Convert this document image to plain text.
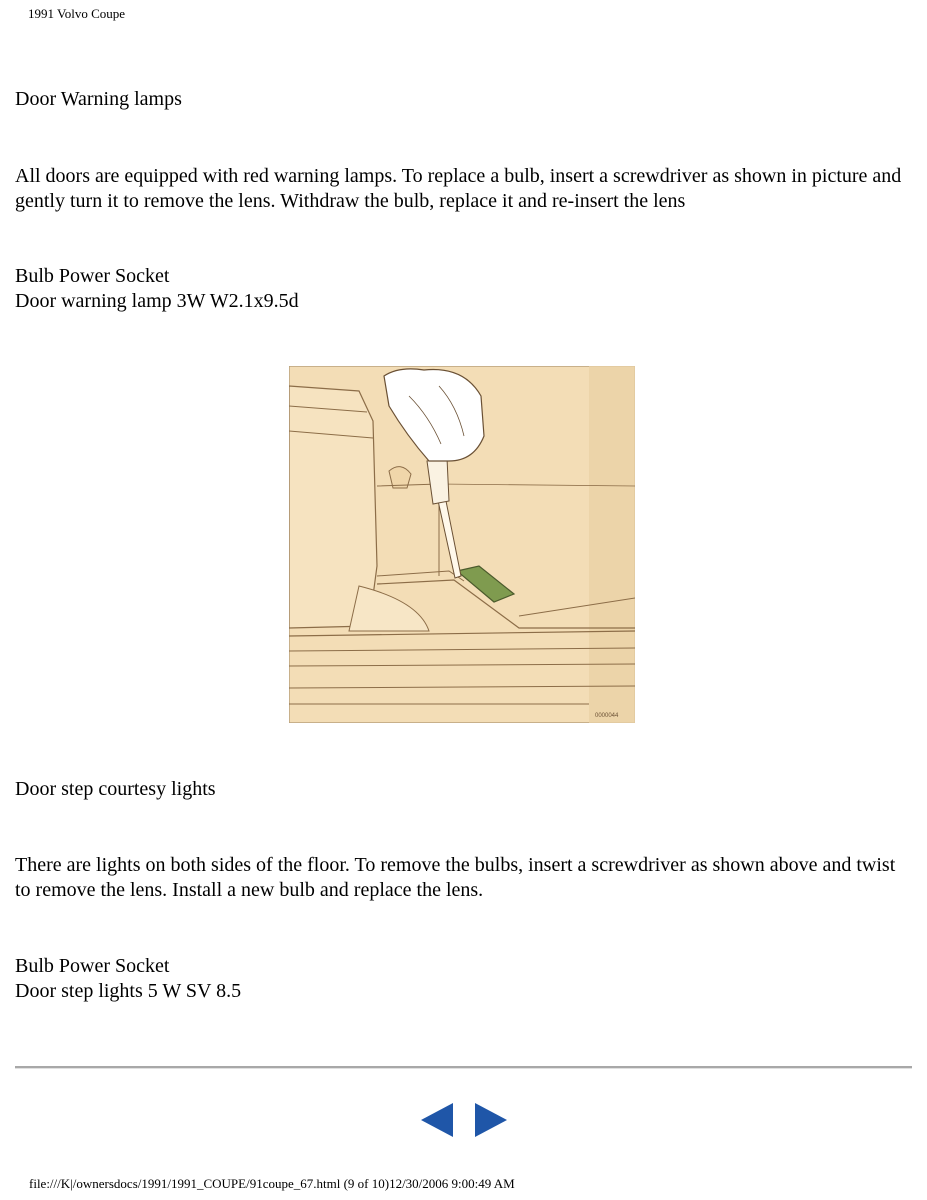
1991 Volvo Coupe
Door Warning lamps
All doors are equipped with red warning lamps. To replace a bulb, insert a screwdriver as shown in picture and gently turn it to remove the lens. Withdraw the bulb, replace it and re-insert the lens
Bulb Power Socket
Door warning lamp 3W W2.1x9.5d
0000044
Door step courtesy lights
There are lights on both sides of the floor. To remove the bulbs, insert a screwdriver as shown above and twist to remove the lens. Install a new bulb and replace the lens.
Bulb Power Socket
Door step lights 5 W SV 8.5
file:///K|/ownersdocs/1991/1991_COUPE/91coupe_67.html (9 of 10)12/30/2006 9:00:49 AM
